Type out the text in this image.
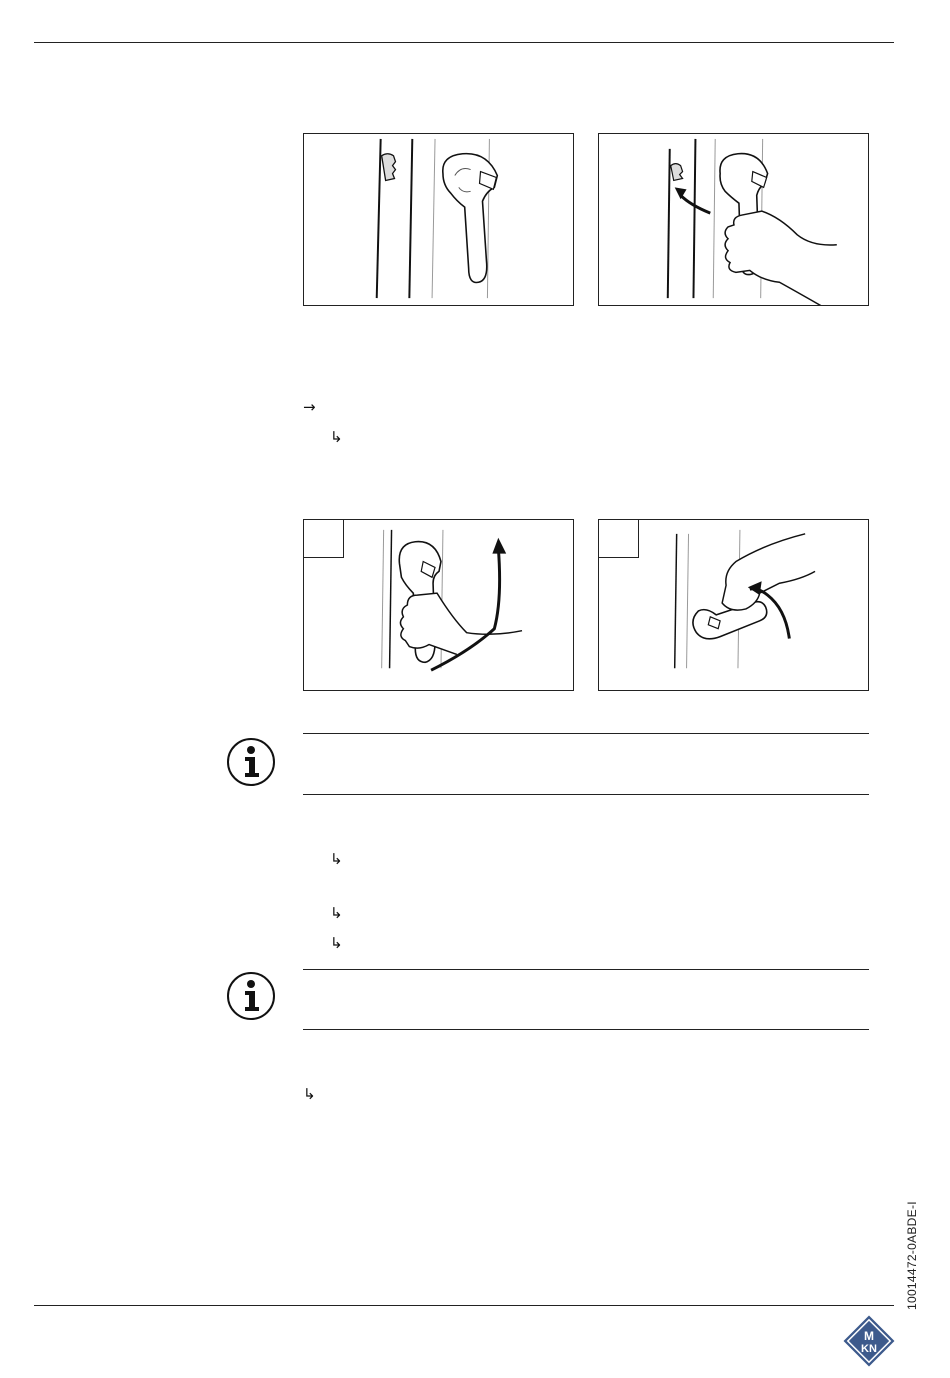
→
↳
↳
↳
↳
↳
10014472-0ABDE-I
M
KN
